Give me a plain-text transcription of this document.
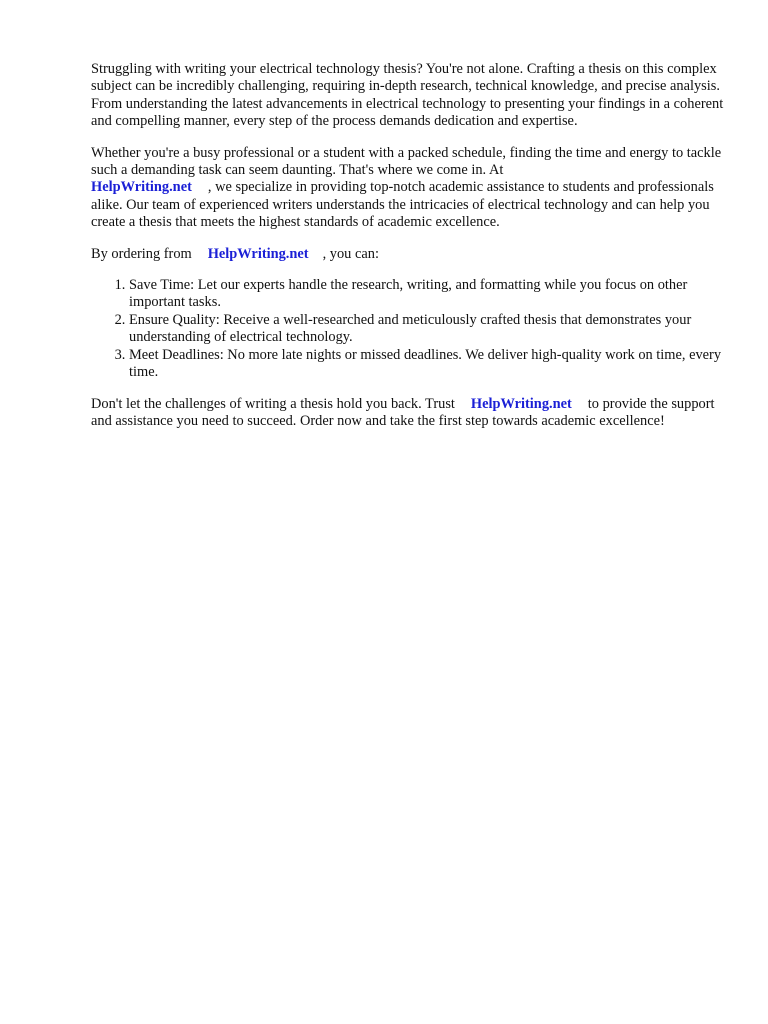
Struggling with writing your electrical technology thesis? You're not alone. Crafting a thesis on this complex subject can be incredibly challenging, requiring in-depth research, technical knowledge, and precise analysis. From understanding the latest advancements in electrical technology to presenting your findings in a coherent and compelling manner, every step of the process demands dedication and expertise.

Whether you're a busy professional or a student with a packed schedule, finding the time and energy to tackle such a demanding task can seem daunting. That's where we come in. At
HelpWriting.net , we specialize in providing top-notch academic assistance to students and professionals alike. Our team of experienced writers understands the intricacies of electrical technology and can help you create a thesis that meets the highest standards of academic excellence.

By ordering from HelpWriting.net , you can:

1. Save Time: Let our experts handle the research, writing, and formatting while you focus on other important tasks.
2. Ensure Quality: Receive a well-researched and meticulously crafted thesis that demonstrates your understanding of electrical technology.
3. Meet Deadlines: No more late nights or missed deadlines. We deliver high-quality work on time, every time.

Don't let the challenges of writing a thesis hold you back. Trust HelpWriting.net to provide the support and assistance you need to succeed. Order now and take the first step towards academic excellence!
